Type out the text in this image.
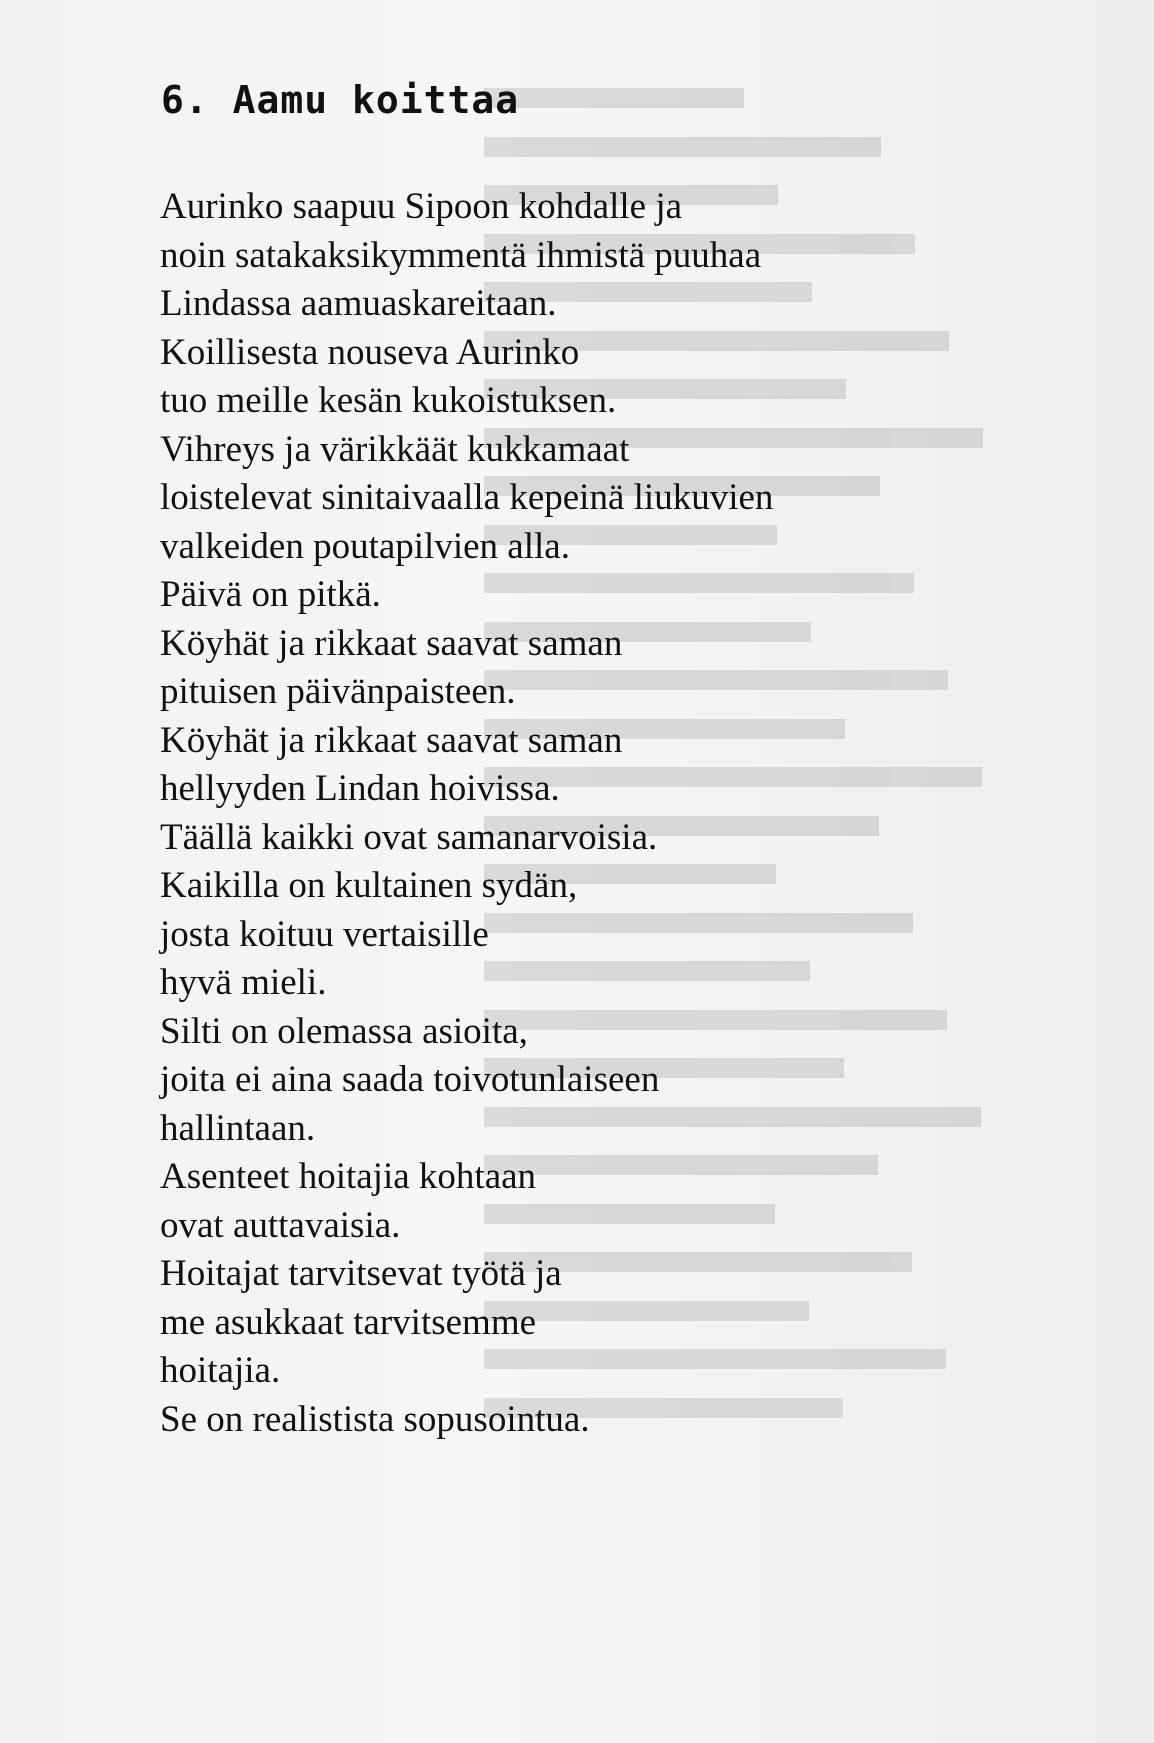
6. Aamu koittaa
Aurinko saapuu Sipoon kohdalle ja
noin satakaksikymmentä ihmistä puuhaa
Lindassa aamuaskareitaan.
Koillisesta nouseva Aurinko
tuo meille kesän kukoistuksen.
Vihreys ja värikkäät kukkamaat
loistelevat sinitaivaalla kepeinä liukuvien
valkeiden poutapilvien alla.
Päivä on pitkä.
Köyhät ja rikkaat saavat saman
pituisen päivänpaisteen.
Köyhät ja rikkaat saavat saman
hellyyden Lindan hoivissa.
Täällä kaikki ovat samanarvoisia.
Kaikilla on kultainen sydän,
josta koituu vertaisille
hyvä mieli.
Silti on olemassa asioita,
joita ei aina saada toivotunlaiseen
hallintaan.
Asenteet hoitajia kohtaan
ovat auttavaisia.
Hoitajat tarvitsevat työtä ja
me asukkaat tarvitsemme
hoitajia.
Se on realistista sopusointua.
